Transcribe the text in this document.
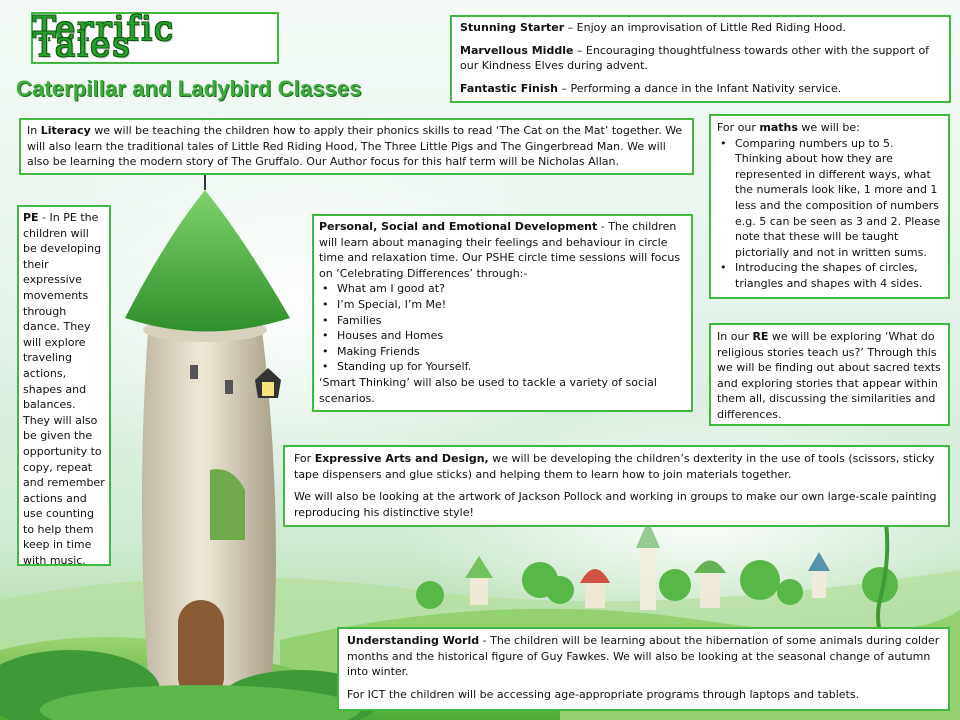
Terrific Tales
Caterpillar and Ladybird Classes

Stunning Starter – Enjoy an improvisation of Little Red Riding Hood.

Marvellous Middle – Encouraging thoughtfulness towards other with the support of our Kindness Elves during advent.

Fantastic Finish – Performing a dance in the Infant Nativity service.

In Literacy we will be teaching the children how to apply their phonics skills to read ‘The Cat on the Mat’ together. We will also learn the traditional tales of Little Red Riding Hood, The Three Little Pigs and The Gingerbread Man. We will also be learning the modern story of The Gruffalo. Our Author focus for this half term will be Nicholas Allan.

For our maths we will be:

• Comparing numbers up to 5. Thinking about how they are represented in different ways, what the numerals look like, 1 more and 1 less and the composition of numbers e.g. 5 can be seen as 3 and 2. Please note that these will be taught pictorially and not in written sums.
• Introducing the shapes of circles, triangles and shapes with 4 sides.

PE - In PE the children will be developing their expressive movements through dance. They will explore traveling actions, shapes and balances. They will also be given the opportunity to copy, repeat and remember actions and use counting to help them keep in time with music.

Personal, Social and Emotional Development - The children will learn about managing their feelings and behaviour in circle time and relaxation time. Our PSHE circle time sessions will focus on ‘Celebrating Differences’ through:-

• What am I good at?
• I’m Special, I’m Me!
• Families
• Houses and Homes
• Making Friends
• Standing up for Yourself.

‘Smart Thinking’ will also be used to tackle a variety of social scenarios.

In our RE we will be exploring ‘What do religious stories teach us?’ Through this we will be finding out about sacred texts and exploring stories that appear within them all, discussing the similarities and differences.

For Expressive Arts and Design, we will be developing the children’s dexterity in the use of tools (scissors, sticky tape dispensers and glue sticks) and helping them to learn how to join materials together.

We will also be looking at the artwork of Jackson Pollock and working in groups to make our own large-scale painting reproducing his distinctive style!

Understanding World - The children will be learning about the hibernation of some animals during colder months and the historical figure of Guy Fawkes. We will also be looking at the seasonal change of autumn into winter.

For ICT the children will be accessing age-appropriate programs through laptops and tablets.
